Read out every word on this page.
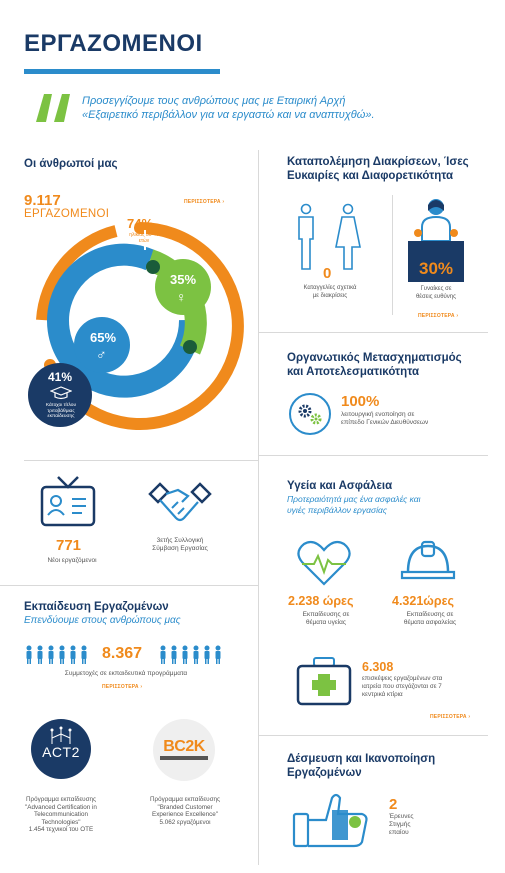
ΕΡΓΑΖΟΜΕΝΟΙ
Προσεγγίζουμε τους ανθρώπους μας με Εταιρική Αρχή
«Εξαιρετικό περιβάλλον για να εργαστώ και να αναπτυχθώ».
Οι άνθρωποί μας
9.117
ΕΡΓΑΖΟΜΕΝΟΙ
ΠΕΡΙΣΣΟΤΕΡΑ ›
74%
ηλικίας 30-49
ετών
35%
♀
65%
♂
41%
Κάτοχοι τίτλου
τριτοβάθμιας
εκπαίδευσης
771
Νέοι εργαζόμενοι
3ετής Συλλογική
Σύμβαση Εργασίας
Εκπαίδευση Εργαζομένων
Επενδύουμε στους ανθρώπους μας
8.367
Συμμετοχές σε εκπαιδευτικά προγράμματα
ΠΕΡΙΣΣΟΤΕΡΑ ›
ACT2
Πρόγραμμα εκπαίδευσης
"Advanced Certification in
Telecommunication
Technologies"
1.454 τεχνικοί του ΟΤΕ
BC2K
Πρόγραμμα εκπαίδευσης
"Branded Customer
Experience Excellence"
5.062 εργαζόμενοι
Καταπολέμηση Διακρίσεων, Ίσες
Ευκαιρίες και Διαφορετικότητα
0
Καταγγελίες σχετικά
με διακρίσεις
30%
Γυναίκες σε
θέσεις ευθύνης
ΠΕΡΙΣΣΟΤΕΡΑ ›
Οργανωτικός Μετασχηματισμός
και Αποτελεσματικότητα
100%
λειτουργική ενοποίηση σε
επίπεδο Γενικών Διευθύνσεων
Υγεία και Ασφάλεια
Προτεραιότητά μας ένα ασφαλές και
υγιές περιβάλλον εργασίας
2.238 ώρες
Εκπαίδευσης σε
θέματα υγείας
4.321ώρες
Εκπαίδευσης σε
θέματα ασφαλείας
6.308
επισκέψεις εργαζομένων στα
ιατρεία που στεγάζονται σε 7
κεντρικά κτίρια
ΠΕΡΙΣΣΟΤΕΡΑ ›
Δέσμευση και Ικανοποίηση
Εργαζομένων
2
Έρευνες
Στιγμής
επαίου
